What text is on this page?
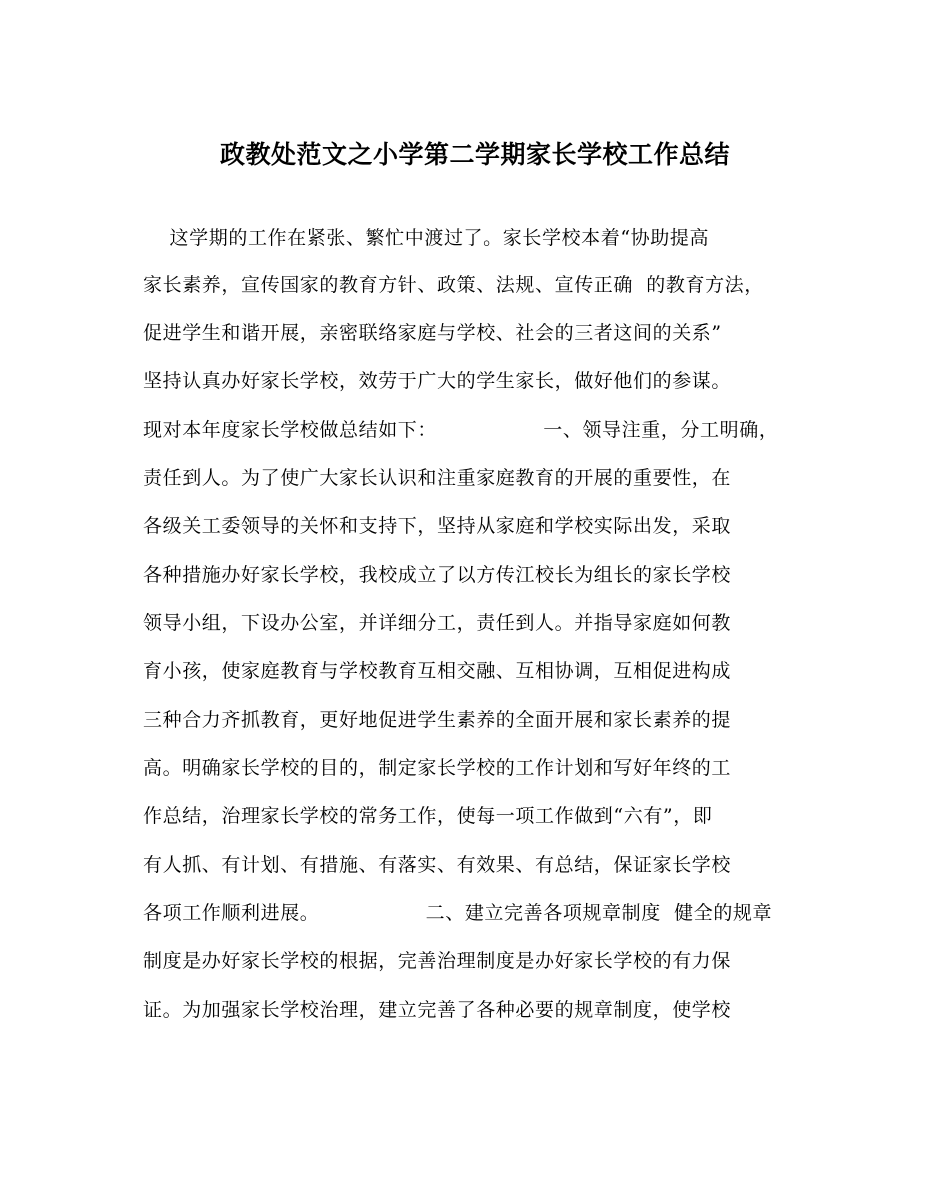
政教处范文之小学第二学期家长学校工作总结
这学期的工作在紧张、繁忙中渡过了。家长学校本着“协助提高
家长素养，宣传国家的教育方针、政策、法规、宣传正确  的教育方法，
促进学生和谐开展，亲密联络家庭与学校、社会的三者这间的关系”
坚持认真办好家长学校，效劳于广大的学生家长，做好他们的参谋。
现对本年度家长学校做总结如下：                一、领导注重，分工明确，
责任到人。为了使广大家长认识和注重家庭教育的开展的重要性，在
各级关工委领导的关怀和支持下，坚持从家庭和学校实际出发，采取
各种措施办好家长学校，我校成立了以方传江校长为组长的家长学校
领导小组，下设办公室，并详细分工，责任到人。并指导家庭如何教
育小孩，使家庭教育与学校教育互相交融、互相协调，互相促进构成
三种合力齐抓教育，更好地促进学生素养的全面开展和家长素养的提
高。明确家长学校的目的，制定家长学校的工作计划和写好年终的工
作总结，治理家长学校的常务工作，使每一项工作做到“六有”，即
有人抓、有计划、有措施、有落实、有效果、有总结，保证家长学校
各项工作顺利进展。                二、建立完善各项规章制度  健全的规章
制度是办好家长学校的根据，完善治理制度是办好家长学校的有力保
证。为加强家长学校治理，建立完善了各种必要的规章制度，使学校
